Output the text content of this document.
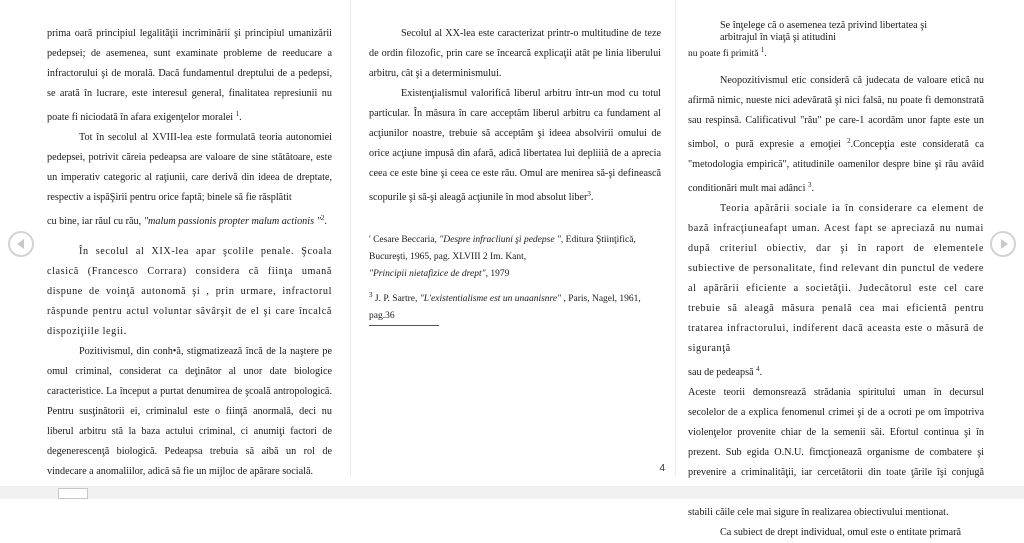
prima oară principiul legalităţii incriminării şi principiul umanizării pedepsei; de asemenea, sunt examinate probleme de reeducare a infractorului şi de morală. Dacă fundamentul dreptului de a pedepsi, se arată în lucrare, este interesul general, finalitatea represiunii nu poate fi niciodată în afara exigenţelor moralei $^1$.

Tot în secolul al XVIII-lea este formulată teoria autonomiei pedepsei, potrivit căreia pedeapsa are valoare de sine stătătoare, este un imperativ categoric al raţiunii, care derivă din ideea de dreptate, respectiv a ispăŞirii pentru orice faptă; binele să fie răsplătit

cu bine, iar răul cu rău, "malum passionis propter malum actionis "$^2$.

În secolul al XIX-lea apar şcolile penale. Şcoala clasică (Francesco Corrara) considera că fiinţa umană dispune de voinţă autonomă şi , prin urmare, infractorul răspunde pentru actul voluntar săvârşit de el şi care încalcă dispoziţiile legii.

Pozitivismul, din conh•ă, stigmatizează încă de la naştere pe omul criminal, considerat ca deţinător al unor date biologice caracteristice. La început a purtat denumirea de şcoală antropologică. Pentru susţinătorii ei, criminalul este o fiinţă anormală, deci nu liberul arbitru stă la baza actului criminal, ci anumiţi factori de degenerescenţă biologică. Pedeapsa trebuia să aibă un rol de vindecare a anomaliilor, adică să fie un mijloc de apărare socială.

Secolul al XX-lea este caracterizat printr-o multitudine de teze de ordin filozofic, prin care se încearcă explicaţii atât pe linia liberului arbitru, cât şi a determinismului.

Existenţialismul valorifică liberul arbitru într-un mod cu totul particular. În măsura în care acceptăm liberul arbitru ca fundament al acţiunilor noastre, trebuie să acceptăm şi ideea absolvirii omului de orice acţiune impusă din afară, adică libertatea lui depliiiă de a aprecia ceea ce este bine şi ceea ce este rău. Omul are menirea să-şi definească scopurile şi să-şi aleagă acţiunile în mod absolut liber$^3$.

' Cesare Beccaria, "Despre infracliuni şi pedepse ", Editura Ştiinţifică, Bucureşti, 1965, pag. XLVIII 2 Im. Kant,
"Principii nietafizice de drept", 1979

$^3$ J. P. Sartre, "L'existentialisme est un unaanisnre" , Paris, Nagel, 1961, pag.36

4

Se înţelege că o asemenea teză privind libertatea şi

arbitrajul în viaţă şi atitudini

nu poate fi primită $^1$.

Neopozitivismul etic consideră că judecata de valoare etică nu afirmă nimic, nueste nici adevărată şi nici falsă, nu poate fi demonstrată sau respinsă. Calificativul "rău" pe care-1 acordăm unor fapte este un simbol, o pură expresie a emoţiei $^2$.Concepţia este considerată ca "metodologia empirică", atitudinile oamenilor despre bine şi rău avâid conditionări mult mai adânci $^3$.

Teoria apărării sociale ia în considerare ca element de bază infracţiuneafapt uman. Acest fapt se apreciază nu numai după criteriul obiectiv, dar şi în raport de elementele subiective de personalitate, find relevant din punctul de vedere al apărării eficiente a societăţii. Judecătorul este cel care trebuie să aleagă măsura penală cea mai eficientă pentru tratarea infractorului, indiferent dacă aceasta este o măsură de siguranţă

sau de pedeapsă $^4$.

Aceste teorii demonsrează strădania spiritului uman în decursul secolelor de a explica fenomenul crimei şi de a ocroti pe om împotriva violenţelor provenite chiar de la semenii săi. Efortul continua şi în prezent. Sub egida O.N.U. fimcţionează organisme de combatere şi prevenire a criminalităţii, iar cercetătorii din toate ţările îşi conjugă stabili căile cele mai sigure în realizarea obiectivului mentionat.

Ca subiect de drept individual, omul este o entitate primară
